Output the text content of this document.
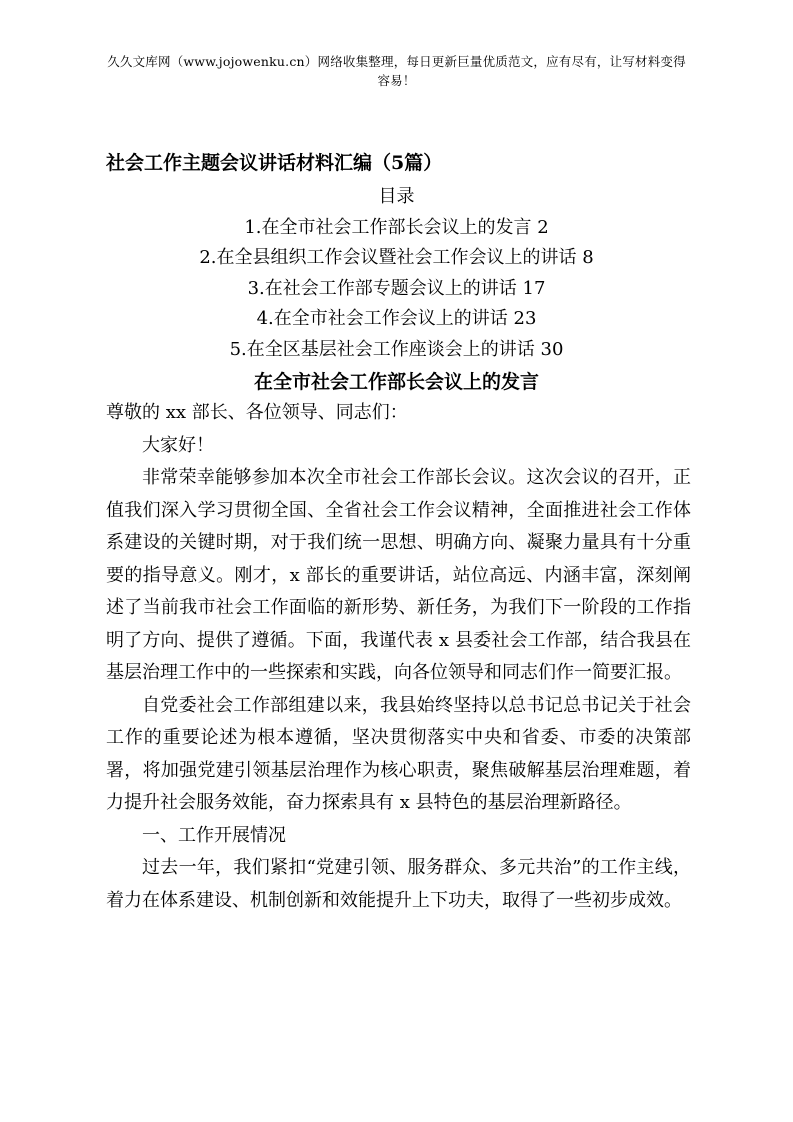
久久文库网（www.jojowenku.cn）网络收集整理，每日更新巨量优质范文，应有尽有，让写材料变得
容易！
社会工作主题会议讲话材料汇编（5篇）
目录
1.在全市社会工作部长会议上的发言 2
2.在全县组织工作会议暨社会工作会议上的讲话 8
3.在社会工作部专题会议上的讲话 17
4.在全市社会工作会议上的讲话 23
5.在全区基层社会工作座谈会上的讲话 30
在全市社会工作部长会议上的发言

尊敬的 xx 部长、各位领导、同志们：

大家好！

非常荣幸能够参加本次全市社会工作部长会议。这次会议的召开，正值我们深入学习贯彻全国、全省社会工作会议精神，全面推进社会工作体系建设的关键时期，对于我们统一思想、明确方向、凝聚力量具有十分重要的指导意义。刚才，x 部长的重要讲话，站位高远、内涵丰富，深刻阐述了当前我市社会工作面临的新形势、新任务，为我们下一阶段的工作指明了方向、提供了遵循。下面，我谨代表 x 县委社会工作部，结合我县在基层治理工作中的一些探索和实践，向各位领导和同志们作一简要汇报。

自党委社会工作部组建以来，我县始终坚持以总书记总书记关于社会工作的重要论述为根本遵循，坚决贯彻落实中央和省委、市委的决策部署，将加强党建引领基层治理作为核心职责，聚焦破解基层治理难题，着力提升社会服务效能，奋力探索具有 x 县特色的基层治理新路径。

一、工作开展情况

过去一年，我们紧扣“党建引领、服务群众、多元共治”的工作主线，着力在体系建设、机制创新和效能提升上下功夫，取得了一些初步成效。
